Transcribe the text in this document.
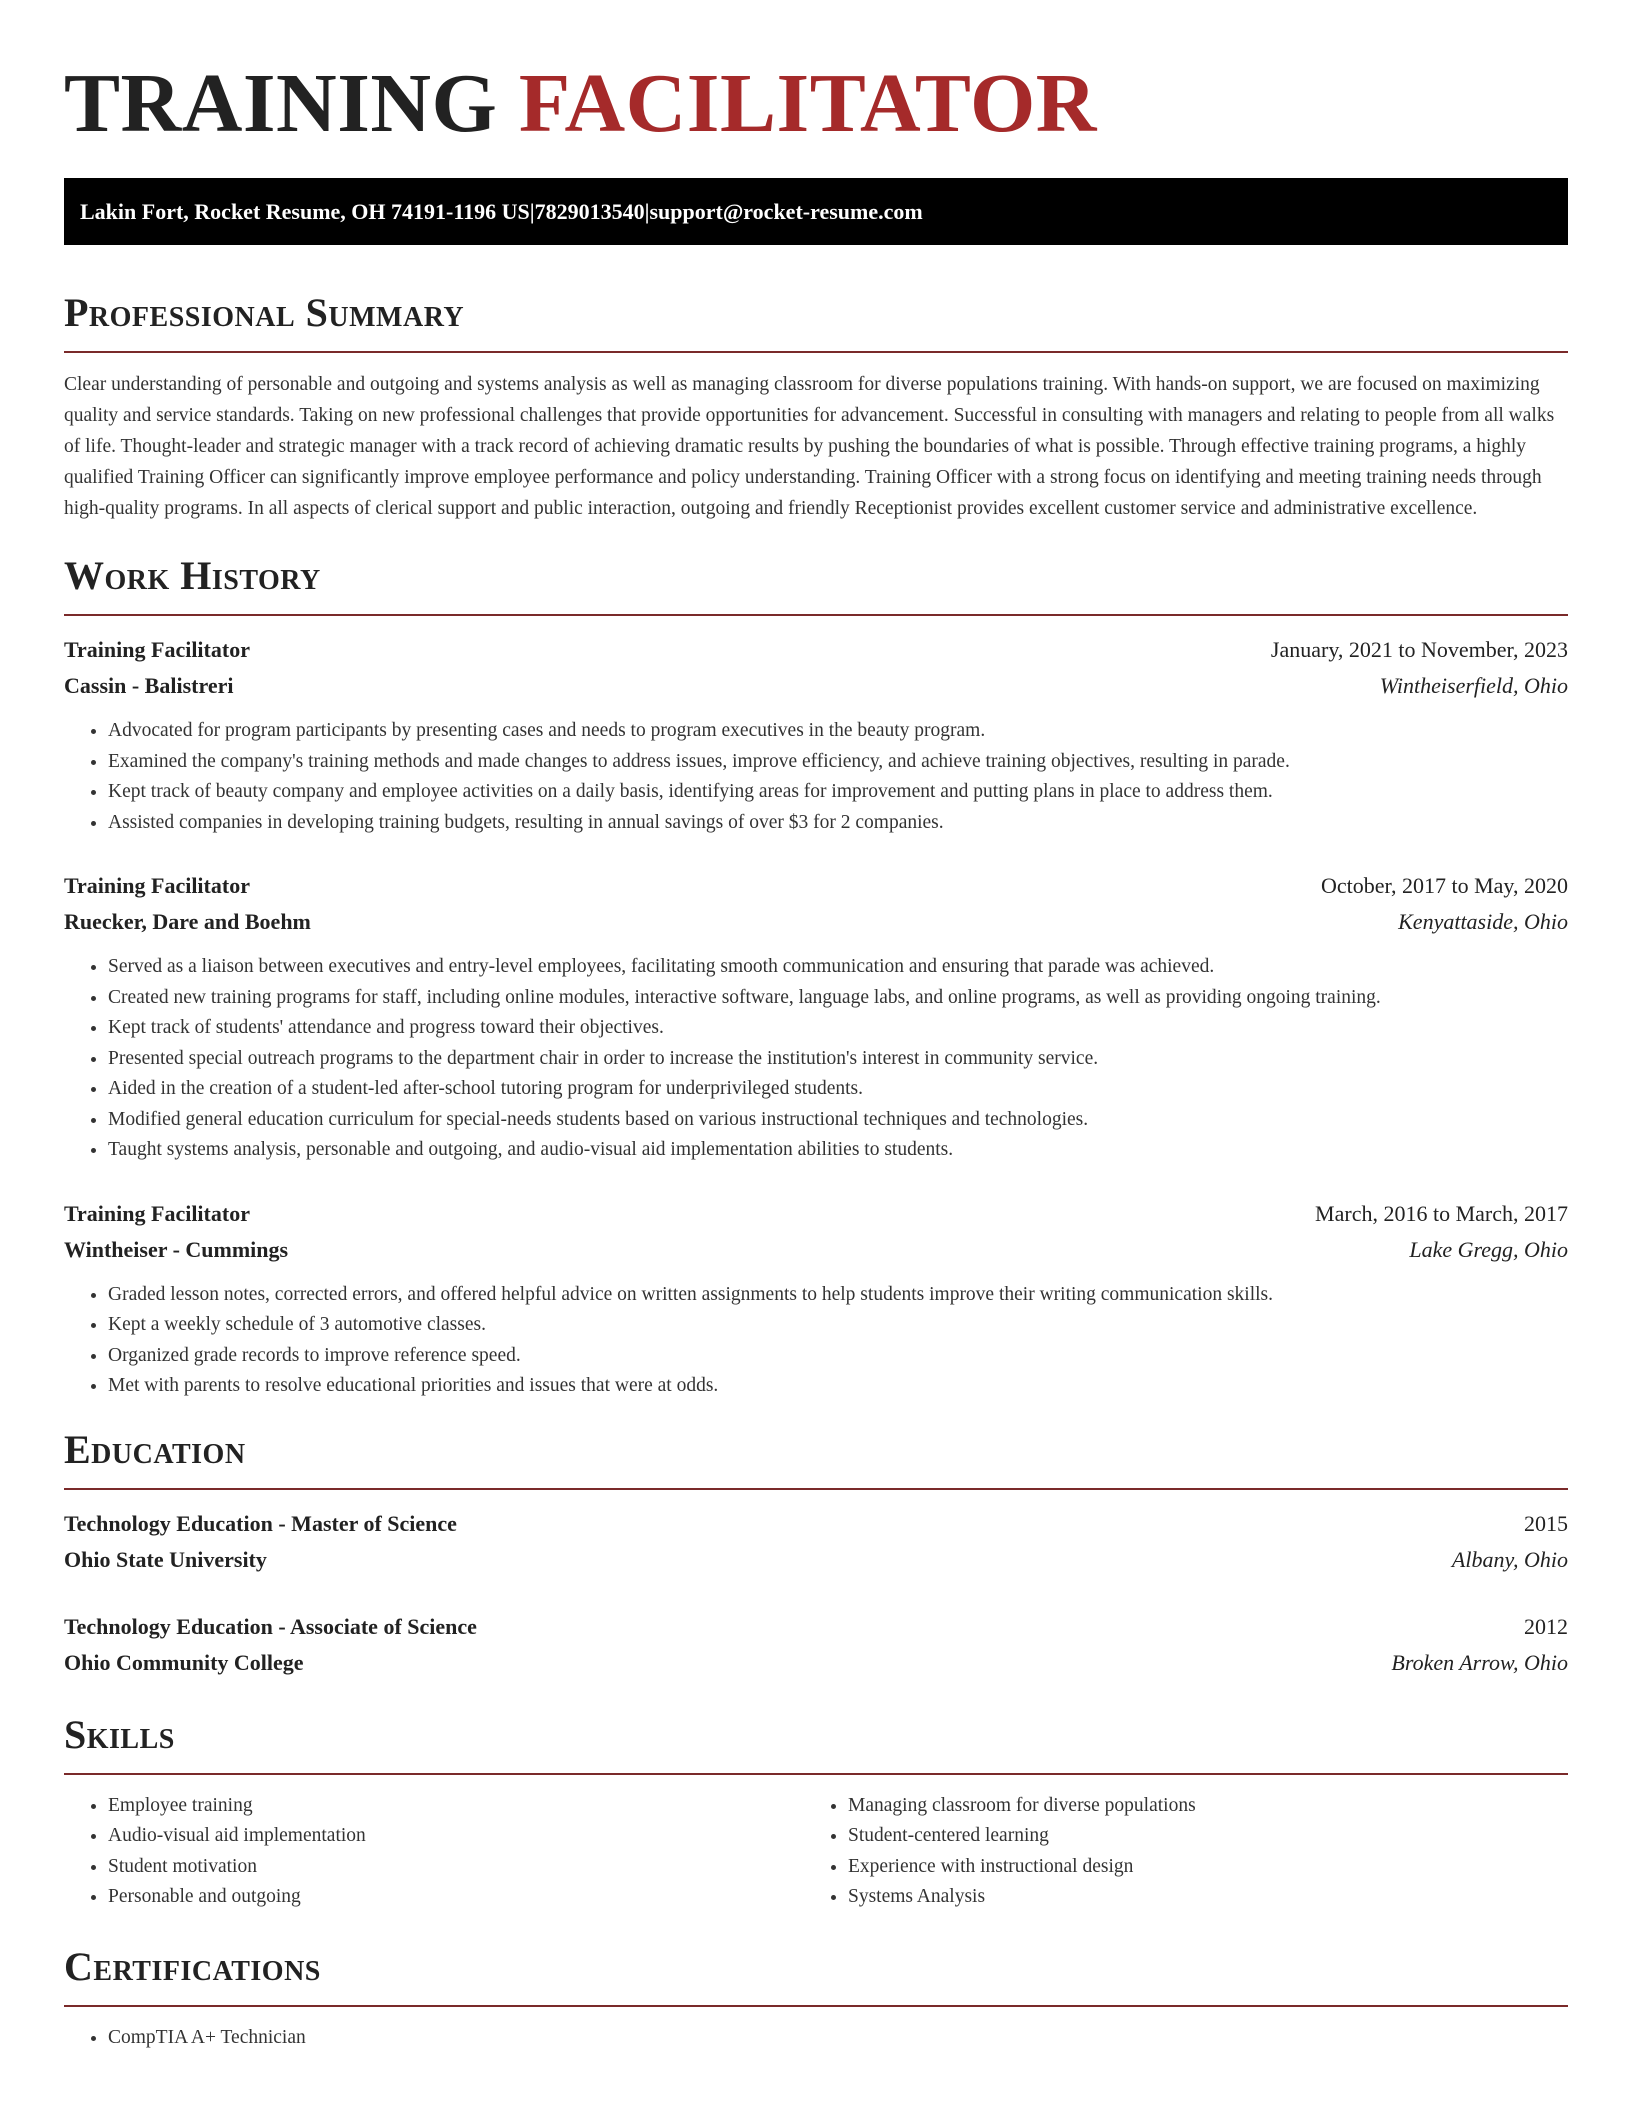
TRAINING FACILITATOR
Lakin Fort, Rocket Resume, OH 74191-1196 US | 7829013540 | support@rocket-resume.com
Professional Summary

Clear understanding of personable and outgoing and systems analysis as well as managing classroom for diverse populations training. With hands-on support, we are focused on maximizing quality and service standards. Taking on new professional challenges that provide opportunities for advancement. Successful in consulting with managers and relating to people from all walks of life. Thought-leader and strategic manager with a track record of achieving dramatic results by pushing the boundaries of what is possible. Through effective training programs, a highly qualified Training Officer can significantly improve employee performance and policy understanding. Training Officer with a strong focus on identifying and meeting training needs through high-quality programs. In all aspects of clerical support and public interaction, outgoing and friendly Receptionist provides excellent customer service and administrative excellence.

Work History
Training Facilitator	January, 2021 to November, 2023
Cassin - Balistreri	Wintheiserfield, Ohio
• Advocated for program participants by presenting cases and needs to program executives in the beauty program.
• Examined the company's training methods and made changes to address issues, improve efficiency, and achieve training objectives, resulting in parade.
• Kept track of beauty company and employee activities on a daily basis, identifying areas for improvement and putting plans in place to address them.
• Assisted companies in developing training budgets, resulting in annual savings of over $3 for 2 companies.
Training Facilitator	October, 2017 to May, 2020
Ruecker, Dare and Boehm	Kenyattaside, Ohio
• Served as a liaison between executives and entry-level employees, facilitating smooth communication and ensuring that parade was achieved.
• Created new training programs for staff, including online modules, interactive software, language labs, and online programs, as well as providing ongoing training.
• Kept track of students' attendance and progress toward their objectives.
• Presented special outreach programs to the department chair in order to increase the institution's interest in community service.
• Aided in the creation of a student-led after-school tutoring program for underprivileged students.
• Modified general education curriculum for special-needs students based on various instructional techniques and technologies.
• Taught systems analysis, personable and outgoing, and audio-visual aid implementation abilities to students.
Training Facilitator	March, 2016 to March, 2017
Wintheiser - Cummings	Lake Gregg, Ohio
• Graded lesson notes, corrected errors, and offered helpful advice on written assignments to help students improve their writing communication skills.
• Kept a weekly schedule of 3 automotive classes.
• Organized grade records to improve reference speed.
• Met with parents to resolve educational priorities and issues that were at odds.
Education
Technology Education - Master of Science	2015
Ohio State University	Albany, Ohio
Technology Education - Associate of Science	2012
Ohio Community College	Broken Arrow, Ohio
Skills
• Employee training
• Audio-visual aid implementation
• Student motivation
• Personable and outgoing
• Managing classroom for diverse populations
• Student-centered learning
• Experience with instructional design
• Systems Analysis
Certifications
• CompTIA A+ Technician
